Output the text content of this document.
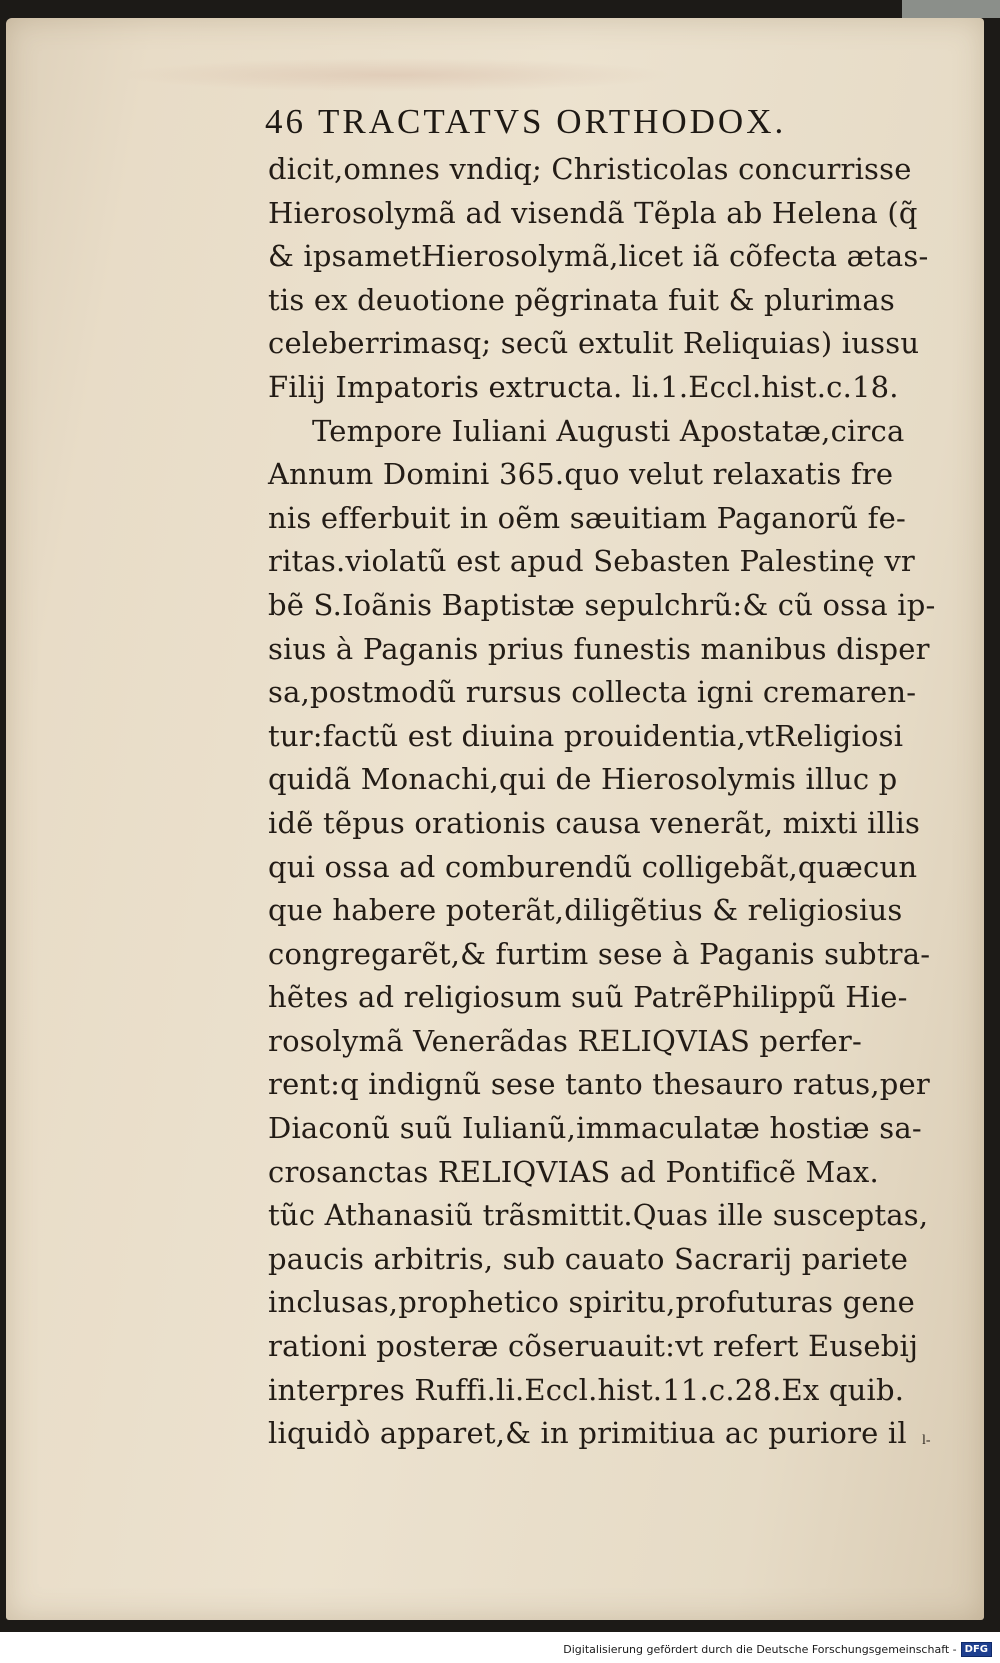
46 TRACTATVS ORTHODOX.
dicit,omnes vndiq; Christicolas concurrisse
Hierosolymã ad visendã Tẽpla ab Helena (q̃
& ipsametHierosolymã,licet iã cõfecta ætas-
tis ex deuotione pẽgrinata fuit & plurimas
celeberrimasq; secũ extulit Reliquias) iussu
Filij Impatoris extructa. li.1.Eccl.hist.c.18.
Tempore Iuliani Augusti Apostatæ,circa
Annum Domini 365.quo velut relaxatis fre
nis efferbuit in oẽm sæuitiam Paganorũ fe-
ritas.violatũ est apud Sebasten Palestinę vr
bẽ S.Ioãnis Baptistæ sepulchrũ:& cũ ossa ip-
sius à Paganis prius funestis manibus disper
sa,postmodũ rursus collecta igni cremaren-
tur:factũ est diuina prouidentia,vtReligiosi
quidã Monachi,qui de Hierosolymis illuc p
idẽ tẽpus orationis causa venerãt, mixti illis
qui ossa ad comburendũ colligebãt,quæcun
que habere poterãt,diligẽtius & religiosius
congregarẽt,& furtim sese à Paganis subtra-
hẽtes ad religiosum suũ PatrẽPhilippũ Hie-
rosolymã Venerãdas RELIQVIAS perfer-
rent:q indignũ sese tanto thesauro ratus,per
Diaconũ suũ Iulianũ,immaculatæ hostiæ sa-
crosanctas RELIQVIAS ad Pontificẽ Max.
tũc Athanasiũ trãsmittit.Quas ille susceptas,
paucis arbitris, sub cauato Sacrarij pariete
inclusas,prophetico spiritu,profuturas gene
rationi posteræ cõseruauit:vt refert Eusebij
interpres Ruffi.li.Eccl.hist.11.c.28.Ex quib.
liquidò apparet,& in primitiua ac puriore il	l-
Digitalisierung gefördert durch die Deutsche Forschungsgemeinschaft - DFG
